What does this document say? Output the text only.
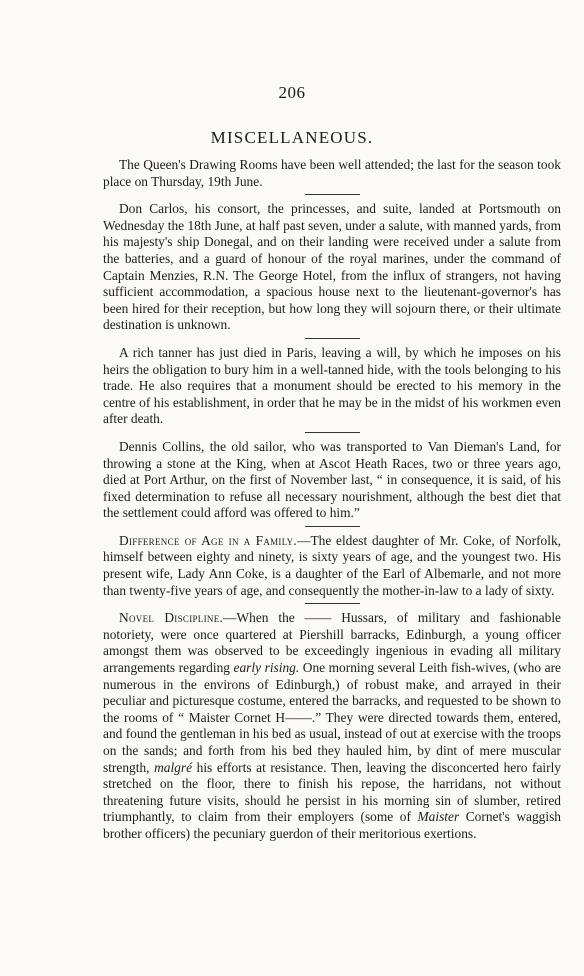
206
MISCELLANEOUS.

The Queen's Drawing Rooms have been well attended; the last for the season took place on Thursday, 19th June.

Don Carlos, his consort, the princesses, and suite, landed at Portsmouth on Wednesday the 18th June, at half past seven, under a salute, with manned yards, from his majesty's ship Donegal, and on their landing were received under a salute from the batteries, and a guard of honour of the royal marines, under the command of Captain Menzies, R.N. The George Hotel, from the influx of strangers, not having sufficient accommodation, a spacious house next to the lieutenant-governor's has been hired for their reception, but how long they will sojourn there, or their ultimate destination is unknown.

A rich tanner has just died in Paris, leaving a will, by which he imposes on his heirs the obligation to bury him in a well-tanned hide, with the tools belonging to his trade. He also requires that a monument should be erected to his memory in the centre of his establishment, in order that he may be in the midst of his workmen even after death.

Dennis Collins, the old sailor, who was transported to Van Dieman's Land, for throwing a stone at the King, when at Ascot Heath Races, two or three years ago, died at Port Arthur, on the first of November last, “ in consequence, it is said, of his fixed determination to refuse all necessary nourishment, although the best diet that the settlement could afford was offered to him.”

Difference of Age in a Family.—The eldest daughter of Mr. Coke, of Norfolk, himself between eighty and ninety, is sixty years of age, and the youngest two. His present wife, Lady Ann Coke, is a daughter of the Earl of Albemarle, and not more than twenty-five years of age, and consequently the mother-in-law to a lady of sixty.

Novel Discipline.—When the —— Hussars, of military and fashionable notoriety, were once quartered at Piershill barracks, Edinburgh, a young officer amongst them was observed to be exceedingly ingenious in evading all military arrangements regarding early rising. One morning several Leith fish-wives, (who are numerous in the environs of Edinburgh,) of robust make, and arrayed in their peculiar and picturesque costume, entered the barracks, and requested to be shown to the rooms of “ Maister Cornet H——.” They were directed towards them, entered, and found the gentleman in his bed as usual, instead of out at exercise with the troops on the sands; and forth from his bed they hauled him, by dint of mere muscular strength, malgré his efforts at resistance. Then, leaving the disconcerted hero fairly stretched on the floor, there to finish his repose, the harridans, not without threatening future visits, should he persist in his morning sin of slumber, retired triumphantly, to claim from their employers (some of Maister Cornet's waggish brother officers) the pecuniary guerdon of their meritorious exertions.
